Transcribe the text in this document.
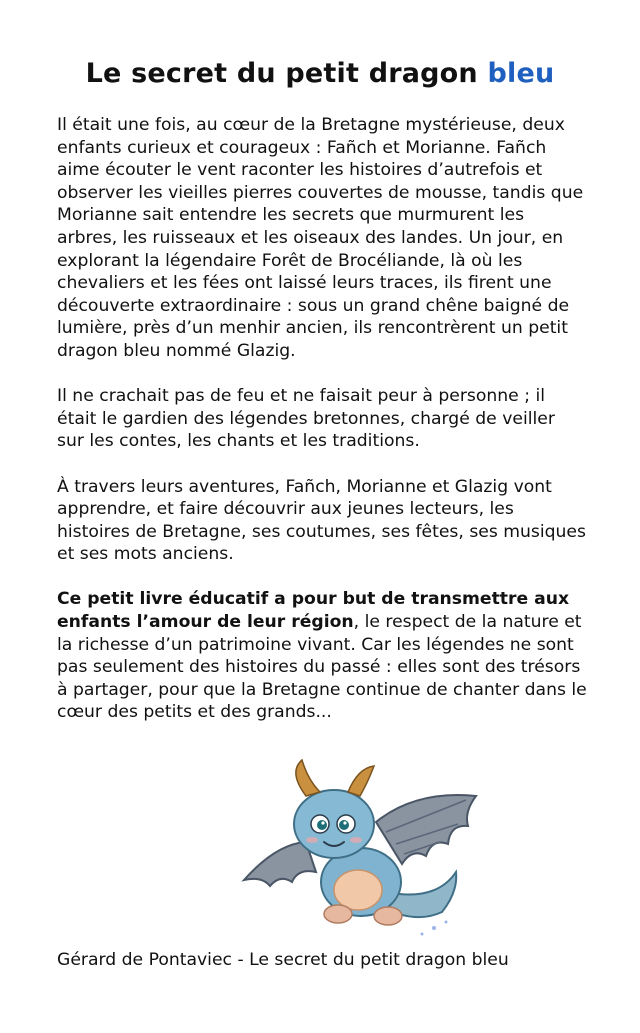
Le secret du petit dragon bleu

Il était une fois, au cœur de la Bretagne mystérieuse, deux enfants curieux et courageux : Fañch et Morianne. Fañch aime écouter le vent raconter les histoires d’autrefois et observer les vieilles pierres couvertes de mousse, tandis que Morianne sait entendre les secrets que murmurent les arbres, les ruisseaux et les oiseaux des landes. Un jour, en explorant la légendaire Forêt de Brocéliande, là où les chevaliers et les fées ont laissé leurs traces, ils firent une découverte extraordinaire : sous un grand chêne baigné de lumière, près d’un menhir ancien, ils rencontrèrent un petit dragon bleu nommé Glazig.

Il ne crachait pas de feu et ne faisait peur à personne ; il était le gardien des légendes bretonnes, chargé de veiller sur les contes, les chants et les traditions.

À travers leurs aventures, Fañch, Morianne et Glazig vont apprendre, et faire découvrir aux jeunes lecteurs, les histoires de Bretagne, ses coutumes, ses fêtes, ses musiques et ses mots anciens.

Ce petit livre éducatif a pour but de transmettre aux enfants l’amour de leur région, le respect de la nature et la richesse d’un patrimoine vivant. Car les légendes ne sont pas seulement des histoires du passé : elles sont des trésors à partager, pour que la Bretagne continue de chanter dans le cœur des petits et des grands...

Gérard de Pontaviec - Le secret du petit dragon bleu
